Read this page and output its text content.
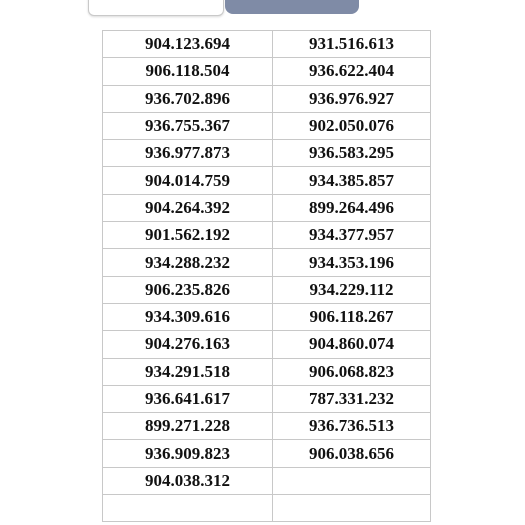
904.123.694	931.516.613
906.118.504	936.622.404
936.702.896	936.976.927
936.755.367	902.050.076
936.977.873	936.583.295
904.014.759	934.385.857
904.264.392	899.264.496
901.562.192	934.377.957
934.288.232	934.353.196
906.235.826	934.229.112
934.309.616	906.118.267
904.276.163	904.860.074
934.291.518	906.068.823
936.641.617	787.331.232
899.271.228	936.736.513
936.909.823	906.038.656
904.038.312	
